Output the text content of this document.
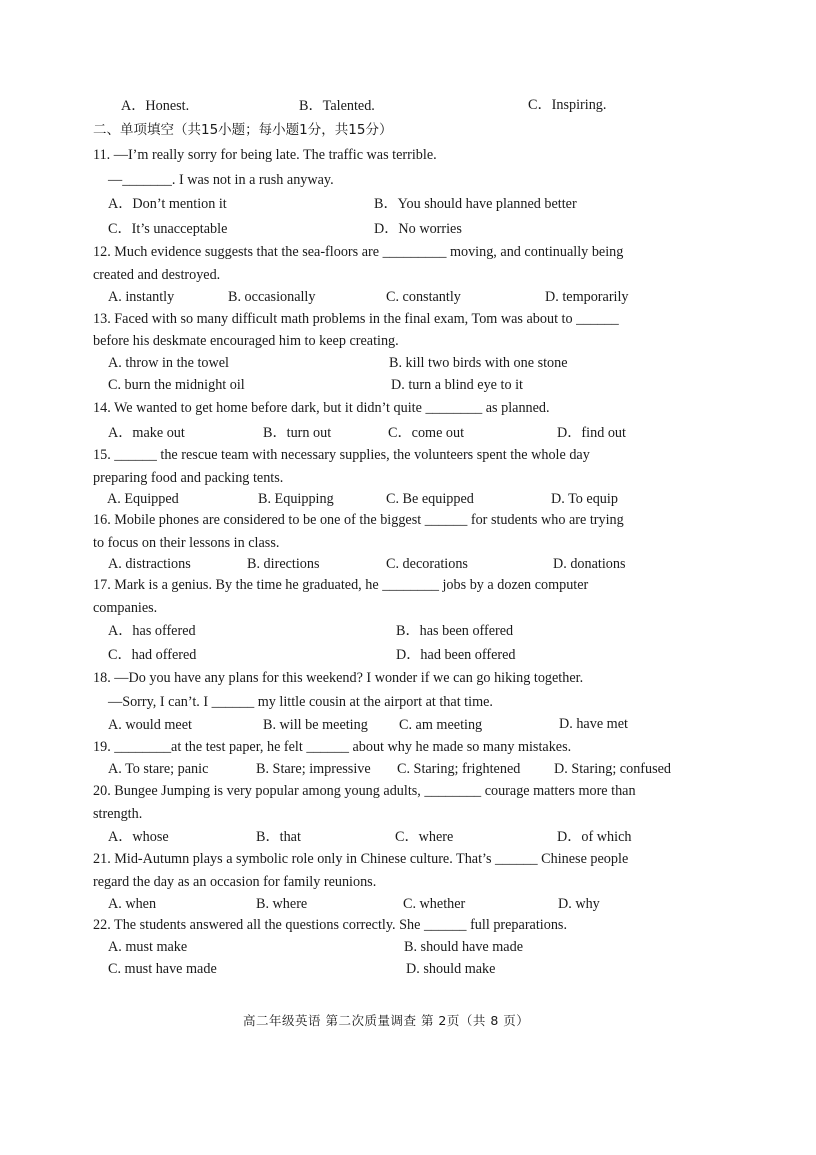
A．Honest.	B．Talented.	C．Inspiring.
二、单项填空（共15小题；每小题1分，共15分）
11. —I’m really sorry for being late. The traffic was terrible.
—_______. I was not in a rush anyway.
A．Don’t mention it	B．You should have planned better
C．It’s unacceptable	D．No worries
12. Much evidence suggests that the sea-floors are _________ moving, and continually being
created and destroyed.
A. instantly	B. occasionally	C. constantly	D. temporarily
13. Faced with so many difficult math problems in the final exam, Tom was about to ______
before his deskmate encouraged him to keep creating.
A. throw in the towel	B. kill two birds with one stone
C. burn the midnight oil	D. turn a blind eye to it
14. We wanted to get home before dark, but it didn’t quite ________ as planned.
A．make out	B．turn out	C．come out	D．find out
15. ______ the rescue team with necessary supplies, the volunteers spent the whole day
preparing food and packing tents.
A. Equipped	B. Equipping	C. Be equipped	D. To equip
16. Mobile phones are considered to be one of the biggest ______ for students who are trying
to focus on their lessons in class.
A. distractions	B. directions	C. decorations	D. donations
17. Mark is a genius. By the time he graduated, he ________ jobs by a dozen computer
companies.
A．has offered	B．has been offered
C．had offered	D．had been offered
18. —Do you have any plans for this weekend? I wonder if we can go hiking together.
—Sorry, I can’t. I ______ my little cousin at the airport at that time.
A. would meet	B. will be meeting C. am meeting	D. have met
19. ________at the test paper, he felt ______ about why he made so many mistakes.
A. To stare; panic	B. Stare; impressive C. Staring; frightened D. Staring; confused
20. Bungee Jumping is very popular among young adults, ________ courage matters more than
strength.
A．whose	B．that	C．where	D．of which
21. Mid-Autumn plays a symbolic role only in Chinese culture. That’s ______ Chinese people
regard the day as an occasion for family reunions.
A. when	B. where	C. whether	D. why
22. The students answered all the questions correctly. She ______ full preparations.
A. must make	B. should have made
C. must have made	D. should make
高二年级英语 第二次质量调查 第 2页（共 8 页）
